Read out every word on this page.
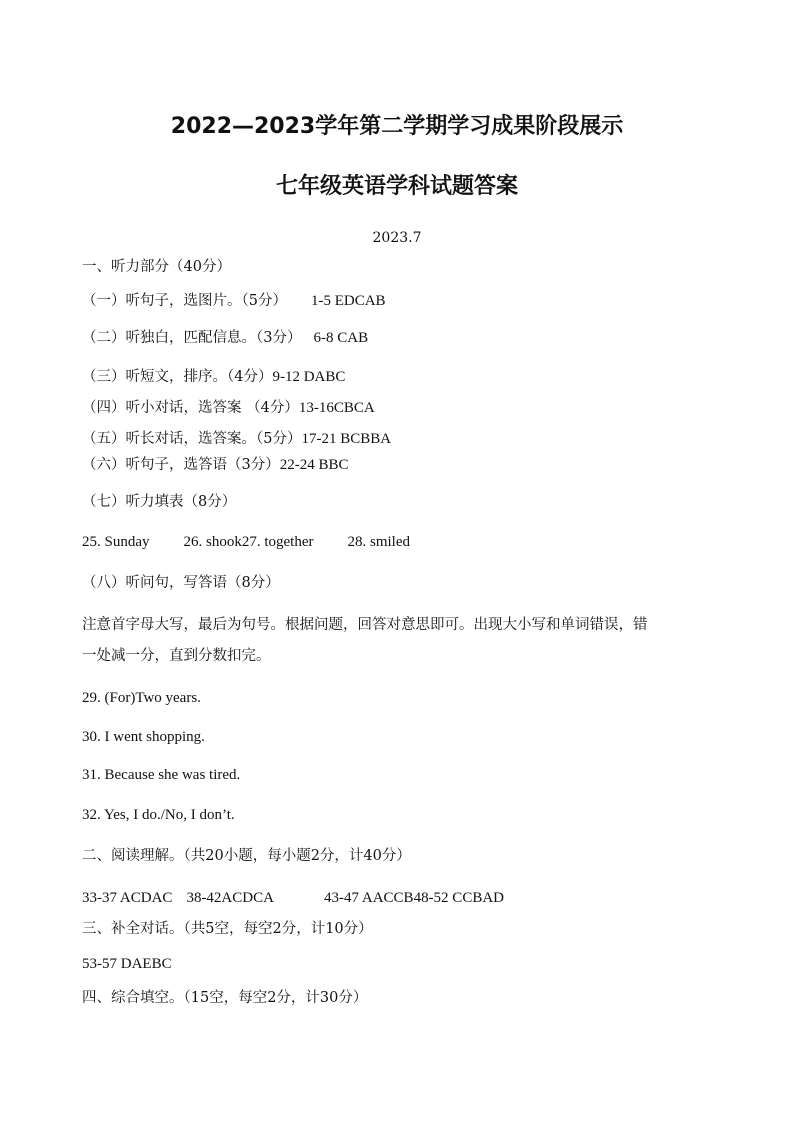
2022—2023学年第二学期学习成果阶段展示
七年级英语学科试题答案
2023.7
一、听力部分（40分）
（一）听句子，选图片。（5分） 1-5 EDCAB
（二）听独白，匹配信息。（3分） 6-8 CAB
（三）听短文，排序。（4分）9-12 DABC
（四）听小对话，选答案 （4分）13-16CBCA
（五）听长对话，选答案。（5分）17-21 BCBBA
（六）听句子，选答语（3分）22-24 BBC
（七）听力填表（8分）
25. Sunday 26. shook27. together 28. smiled
（八）听问句，写答语（8分）
注意首字母大写，最后为句号。根据问题，回答对意思即可。出现大小写和单词错误，错
一处减一分，直到分数扣完。
29. (For)Two years.
30. I went shopping.
31. Because she was tired.
32. Yes, I do./No, I don’t.
二、阅读理解。（共20小题，每小题2分，计40分）
33-37 ACDAC 38-42ACDCA	43-47 AACCB48-52 CCBAD
三、补全对话。（共5空，每空2分，计10分）
53-57 DAEBC
四、综合填空。（15空，每空2分，计30分）
